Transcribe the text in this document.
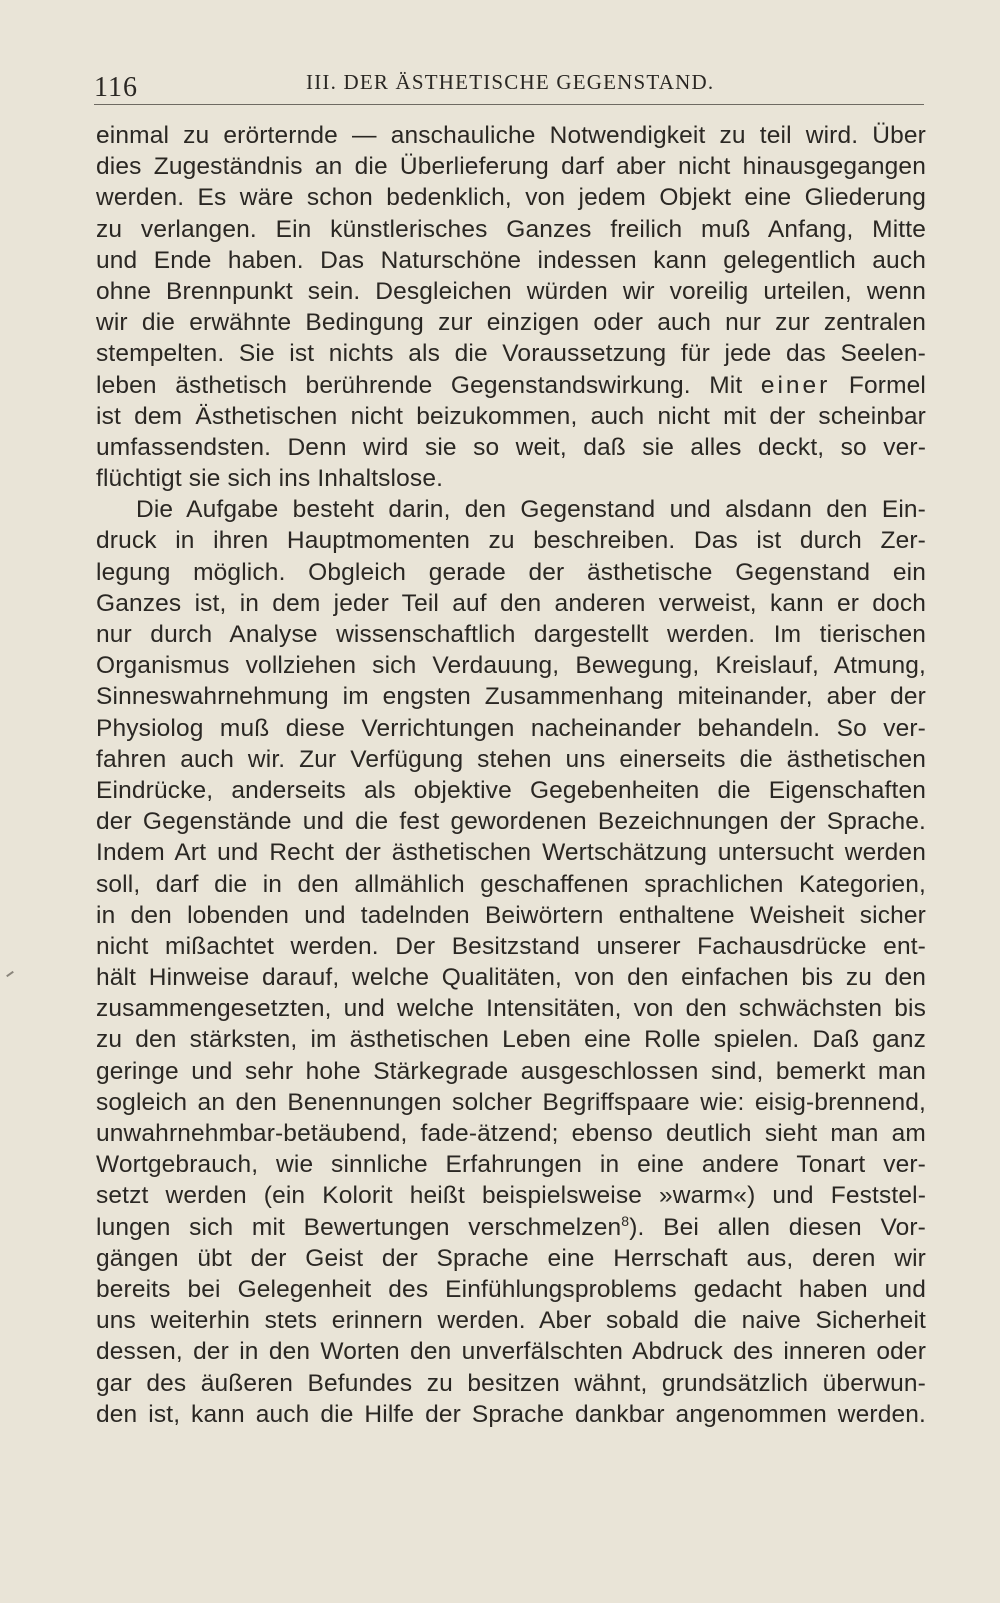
116	III. DER ÄSTHETISCHE GEGENSTAND.
einmal zu erörternde — anschauliche Notwendigkeit zu teil wird. Über
dies Zugeständnis an die Überlieferung darf aber nicht hinausgegangen
werden. Es wäre schon bedenklich, von jedem Objekt eine Gliederung
zu verlangen. Ein künstlerisches Ganzes freilich muß Anfang, Mitte
und Ende haben. Das Naturschöne indessen kann gelegentlich auch
ohne Brennpunkt sein. Desgleichen würden wir voreilig urteilen, wenn
wir die erwähnte Bedingung zur einzigen oder auch nur zur zentralen
stempelten. Sie ist nichts als die Voraussetzung für jede das Seelen-
leben ästhetisch berührende Gegenstandswirkung. Mit einer Formel
ist dem Ästhetischen nicht beizukommen, auch nicht mit der scheinbar
umfassendsten. Denn wird sie so weit, daß sie alles deckt, so ver-
flüchtigt sie sich ins Inhaltslose.
Die Aufgabe besteht darin, den Gegenstand und alsdann den Ein-
druck in ihren Hauptmomenten zu beschreiben. Das ist durch Zer-
legung möglich. Obgleich gerade der ästhetische Gegenstand ein
Ganzes ist, in dem jeder Teil auf den anderen verweist, kann er doch
nur durch Analyse wissenschaftlich dargestellt werden. Im tierischen
Organismus vollziehen sich Verdauung, Bewegung, Kreislauf, Atmung,
Sinneswahrnehmung im engsten Zusammenhang miteinander, aber der
Physiolog muß diese Verrichtungen nacheinander behandeln. So ver-
fahren auch wir. Zur Verfügung stehen uns einerseits die ästhetischen
Eindrücke, anderseits als objektive Gegebenheiten die Eigenschaften
der Gegenstände und die fest gewordenen Bezeichnungen der Sprache.
Indem Art und Recht der ästhetischen Wertschätzung untersucht werden
soll, darf die in den allmählich geschaffenen sprachlichen Kategorien,
in den lobenden und tadelnden Beiwörtern enthaltene Weisheit sicher
nicht mißachtet werden. Der Besitzstand unserer Fachausdrücke ent-
hält Hinweise darauf, welche Qualitäten, von den einfachen bis zu den
zusammengesetzten, und welche Intensitäten, von den schwächsten bis
zu den stärksten, im ästhetischen Leben eine Rolle spielen. Daß ganz
geringe und sehr hohe Stärkegrade ausgeschlossen sind, bemerkt man
sogleich an den Benennungen solcher Begriffspaare wie: eisig-brennend,
unwahrnehmbar-betäubend, fade-ätzend; ebenso deutlich sieht man am
Wortgebrauch, wie sinnliche Erfahrungen in eine andere Tonart ver-
setzt werden (ein Kolorit heißt beispielsweise »warm«) und Feststel-
lungen sich mit Bewertungen verschmelzen$^8$). Bei allen diesen Vor-
gängen übt der Geist der Sprache eine Herrschaft aus, deren wir
bereits bei Gelegenheit des Einfühlungsproblems gedacht haben und
uns weiterhin stets erinnern werden. Aber sobald die naive Sicherheit
dessen, der in den Worten den unverfälschten Abdruck des inneren oder
gar des äußeren Befundes zu besitzen wähnt, grundsätzlich überwun-
den ist, kann auch die Hilfe der Sprache dankbar angenommen werden.
